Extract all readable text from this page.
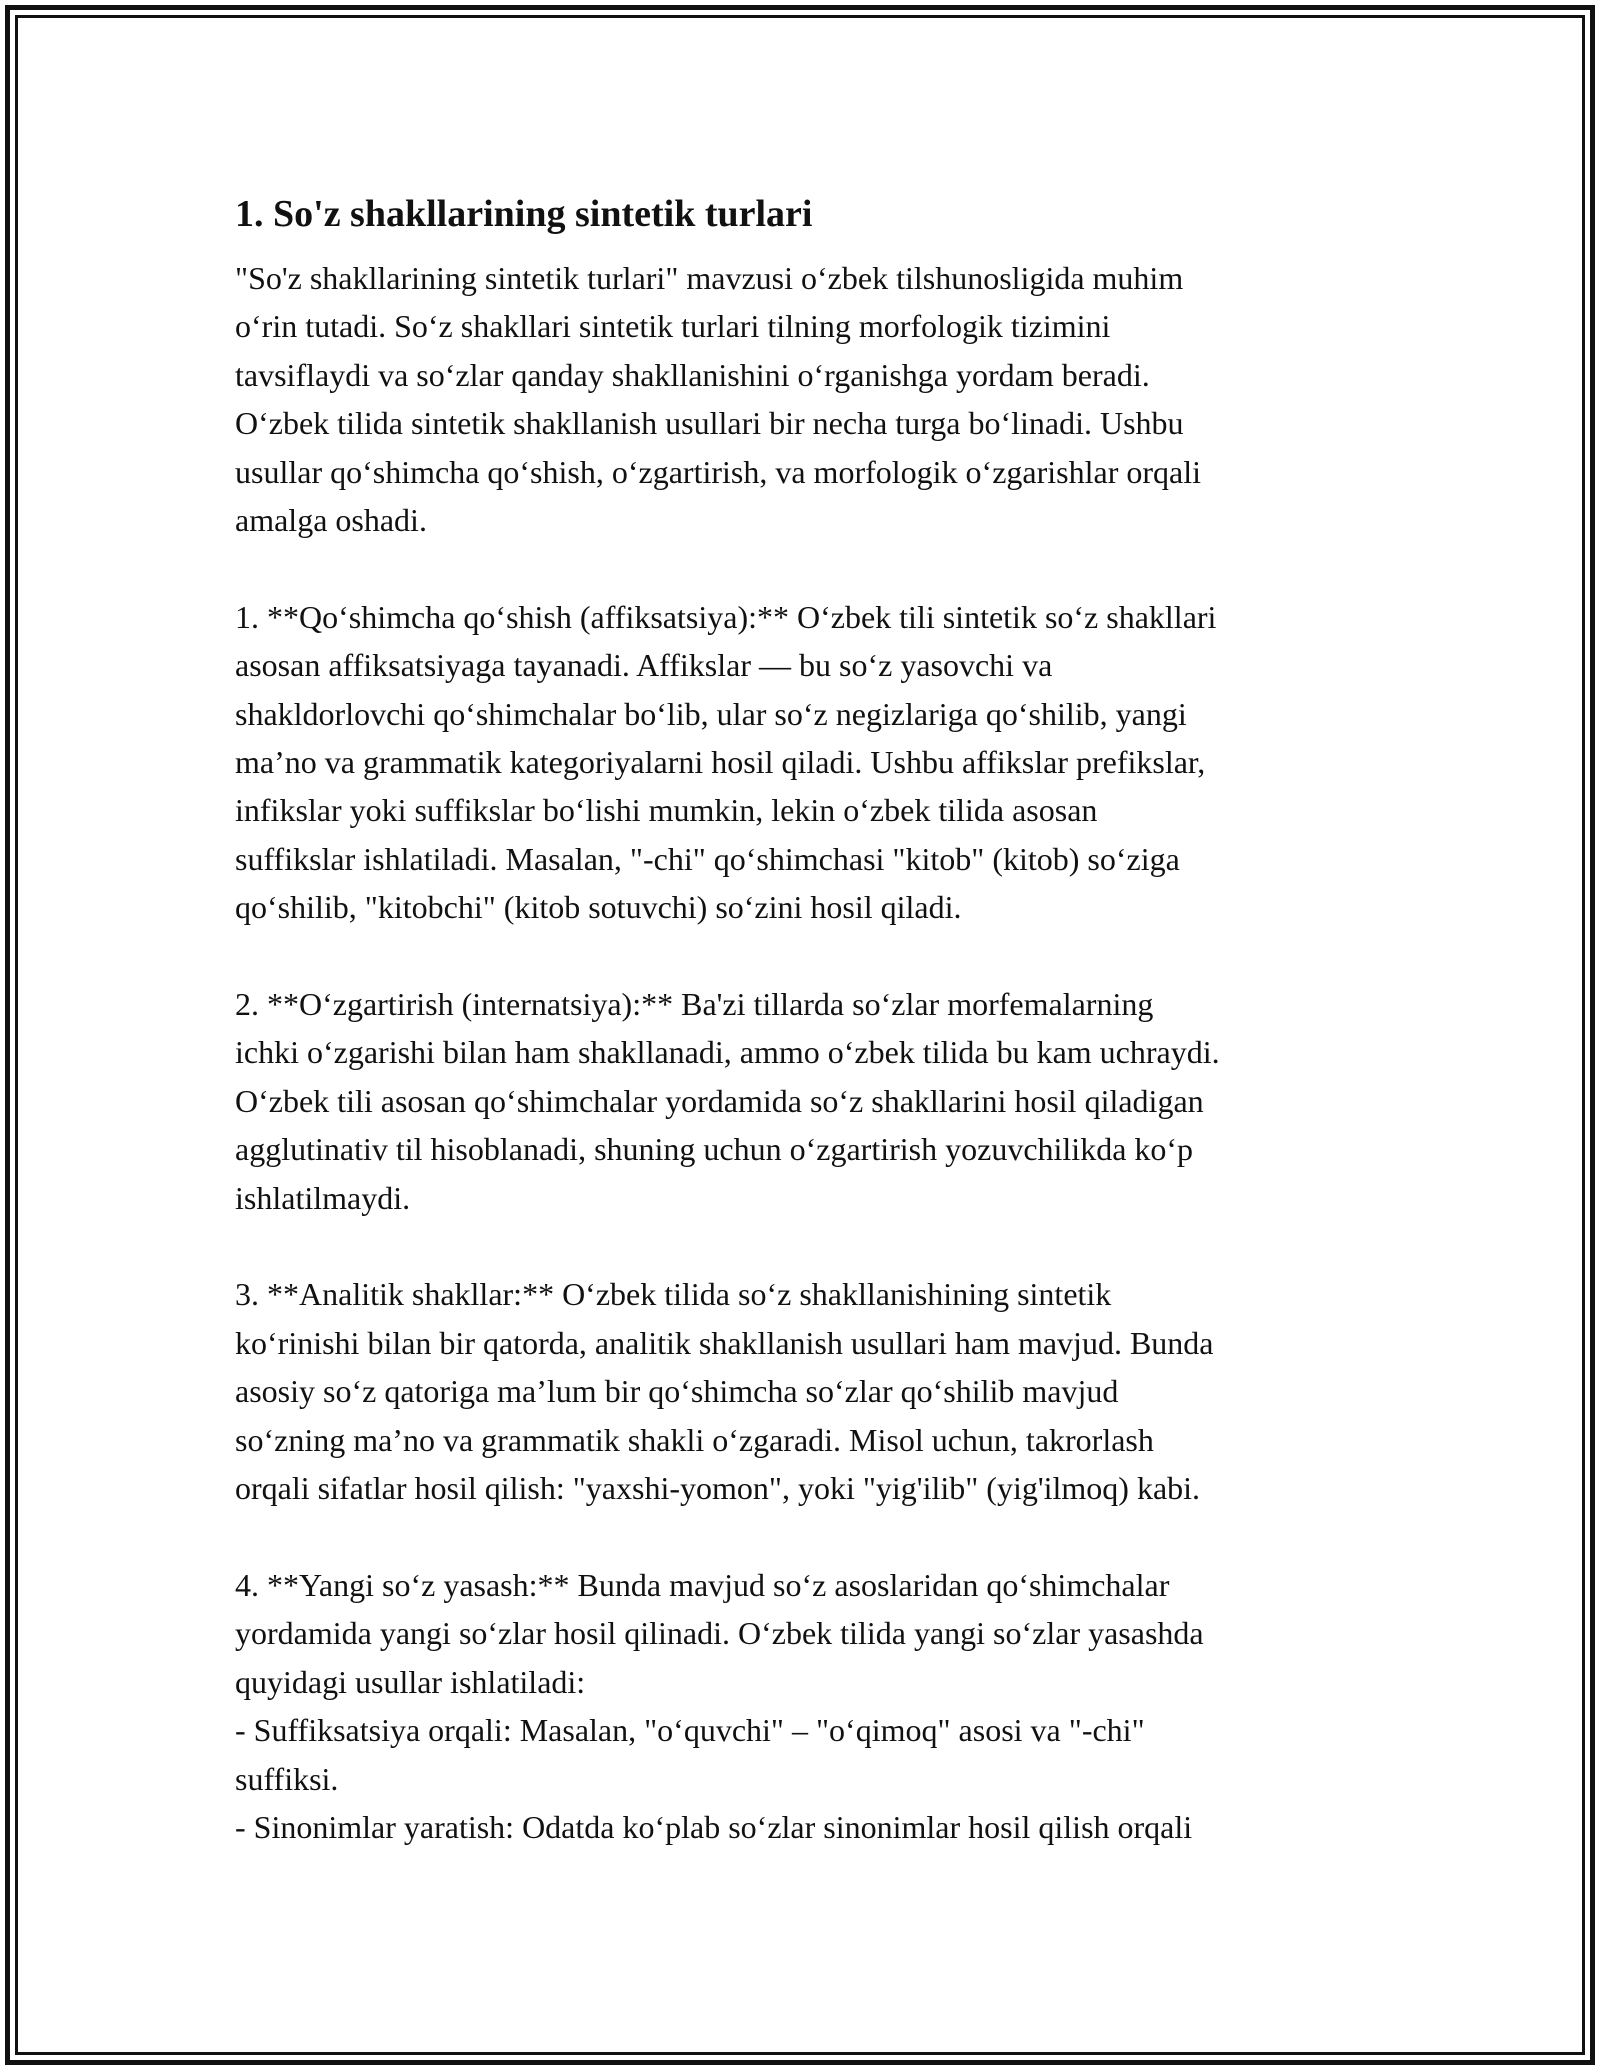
1. So'z shakllarining sintetik turlari
"So'z shakllarining sintetik turlari" mavzusi o‘zbek tilshunosligida muhim
o‘rin tutadi. So‘z shakllari sintetik turlari tilning morfologik tizimini
tavsiflaydi va so‘zlar qanday shakllanishini o‘rganishga yordam beradi.
O‘zbek tilida sintetik shakllanish usullari bir necha turga bo‘linadi. Ushbu
usullar qo‘shimcha qo‘shish, o‘zgartirish, va morfologik o‘zgarishlar orqali
amalga oshadi.
1. **Qo‘shimcha qo‘shish (affiksatsiya):** O‘zbek tili sintetik so‘z shakllari
asosan affiksatsiyaga tayanadi. Affikslar — bu so‘z yasovchi va
shakldorlovchi qo‘shimchalar bo‘lib, ular so‘z negizlariga qo‘shilib, yangi
ma’no va grammatik kategoriyalarni hosil qiladi. Ushbu affikslar prefikslar,
infikslar yoki suffikslar bo‘lishi mumkin, lekin o‘zbek tilida asosan
suffikslar ishlatiladi. Masalan, "-chi" qo‘shimchasi "kitob" (kitob) so‘ziga
qo‘shilib, "kitobchi" (kitob sotuvchi) so‘zini hosil qiladi.
2. **O‘zgartirish (internatsiya):** Ba'zi tillarda so‘zlar morfemalarning
ichki o‘zgarishi bilan ham shakllanadi, ammo o‘zbek tilida bu kam uchraydi.
O‘zbek tili asosan qo‘shimchalar yordamida so‘z shakllarini hosil qiladigan
agglutinativ til hisoblanadi, shuning uchun o‘zgartirish yozuvchilikda ko‘p
ishlatilmaydi.
3. **Analitik shakllar:** O‘zbek tilida so‘z shakllanishining sintetik
ko‘rinishi bilan bir qatorda, analitik shakllanish usullari ham mavjud. Bunda
asosiy so‘z qatoriga ma’lum bir qo‘shimcha so‘zlar qo‘shilib mavjud
so‘zning ma’no va grammatik shakli o‘zgaradi. Misol uchun, takrorlash
orqali sifatlar hosil qilish: "yaxshi-yomon", yoki "yig'ilib" (yig'ilmoq) kabi.
4. **Yangi so‘z yasash:** Bunda mavjud so‘z asoslaridan qo‘shimchalar
yordamida yangi so‘zlar hosil qilinadi. O‘zbek tilida yangi so‘zlar yasashda
quyidagi usullar ishlatiladi:
- Suffiksatsiya orqali: Masalan, "o‘quvchi" – "o‘qimoq" asosi va "-chi"
suffiksi.
- Sinonimlar yaratish: Odatda ko‘plab so‘zlar sinonimlar hosil qilish orqali
